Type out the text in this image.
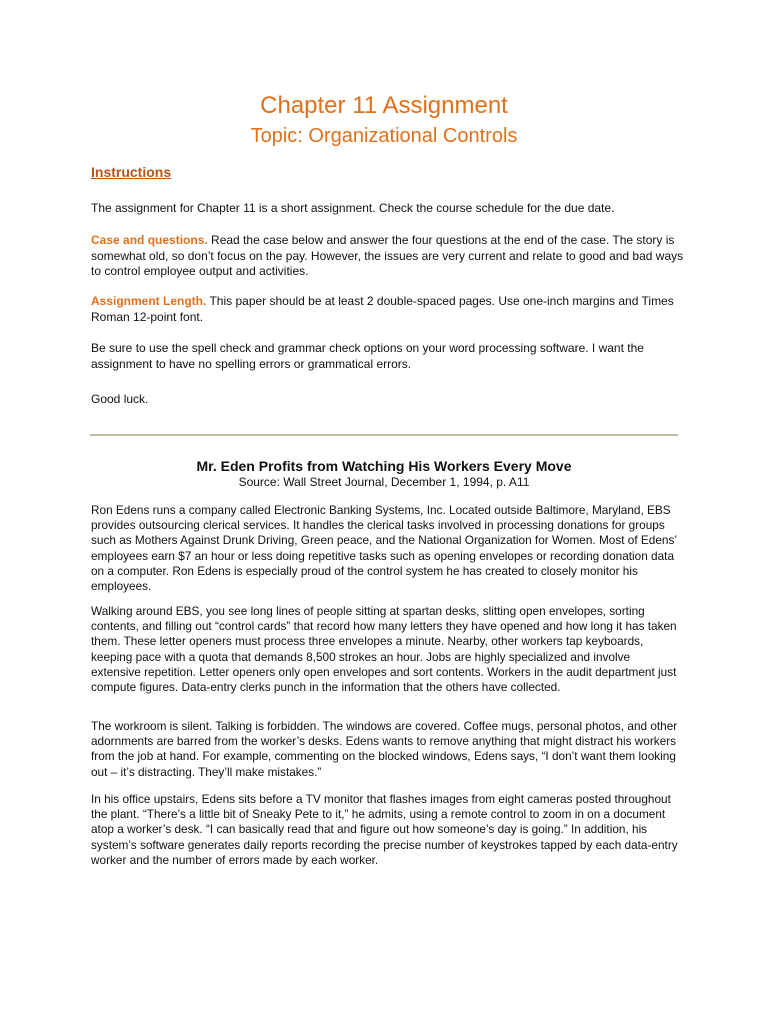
Chapter 11 Assignment
Topic: Organizational Controls
Instructions

The assignment for Chapter 11 is a short assignment. Check the course schedule for the due date.

Case and questions. Read the case below and answer the four questions at the end of the case. The story is somewhat old, so don’t focus on the pay. However, the issues are very current and relate to good and bad ways to control employee output and activities.

Assignment Length. This paper should be at least 2 double-spaced pages. Use one-inch margins and Times Roman 12-point font.

Be sure to use the spell check and grammar check options on your word processing software. I want the assignment to have no spelling errors or grammatical errors.

Good luck.

Mr. Eden Profits from Watching His Workers Every Move

Source: Wall Street Journal, December 1, 1994, p. A11

Ron Edens runs a company called Electronic Banking Systems, Inc. Located outside Baltimore, Maryland, EBS provides outsourcing clerical services. It handles the clerical tasks involved in processing donations for groups such as Mothers Against Drunk Driving, Green peace, and the National Organization for Women. Most of Edens’ employees earn $7 an hour or less doing repetitive tasks such as opening envelopes or recording donation data on a computer. Ron Edens is especially proud of the control system he has created to closely monitor his employees.

Walking around EBS, you see long lines of people sitting at spartan desks, slitting open envelopes, sorting contents, and filling out “control cards” that record how many letters they have opened and how long it has taken them. These letter openers must process three envelopes a minute. Nearby, other workers tap keyboards, keeping pace with a quota that demands 8,500 strokes an hour. Jobs are highly specialized and involve extensive repetition. Letter openers only open envelopes and sort contents. Workers in the audit department just compute figures. Data-entry clerks punch in the information that the others have collected.

The workroom is silent. Talking is forbidden. The windows are covered. Coffee mugs, personal photos, and other adornments are barred from the worker’s desks. Edens wants to remove anything that might distract his workers from the job at hand. For example, commenting on the blocked windows, Edens says, “I don’t want them looking out – it’s distracting. They’ll make mistakes.”

In his office upstairs, Edens sits before a TV monitor that flashes images from eight cameras posted throughout the plant. “There’s a little bit of Sneaky Pete to it,” he admits, using a remote control to zoom in on a document atop a worker’s desk. “I can basically read that and figure out how someone’s day is going.” In addition, his system’s software generates daily reports recording the precise number of keystrokes tapped by each data-entry worker and the number of errors made by each worker.
